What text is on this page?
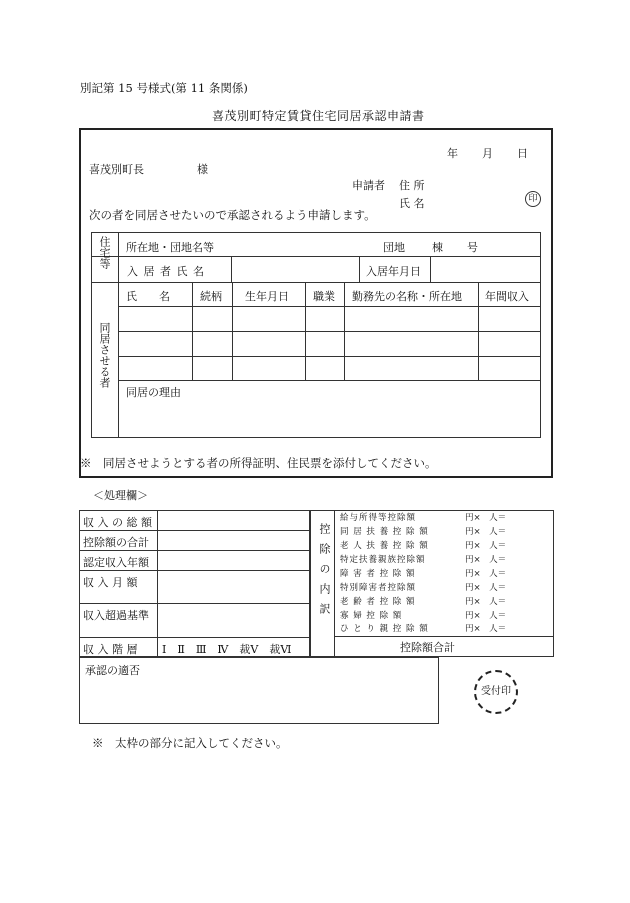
別記第 15 号様式(第 11 条関係)
喜茂別町特定賃貸住宅同居承認申請書
年 月 日
喜茂別町長	様
申請者 住 所
氏 名	印
次の者を同居させたいので承認されるよう申請します。
住宅等 所在地・団地名等	団地 棟 号
入 居 者 氏 名	入居年月日
同居させる者
氏　　名	続柄 生年月日 職業 勤務先の名称・所在地 年間収入
同居の理由
※　同居させようとする者の所得証明、住民票を添付してください。
＜処理欄＞
収 入 の 総 額
控除額の合計
認定収入年額
収 入 月 額
収入超過基準
収 入 階 層 Ⅰ　Ⅱ　Ⅲ　Ⅳ　裁Ⅴ　裁Ⅵ
控除の内訳
給与所得等控除額	円×　人＝
同 居 扶 養 控 除 額	円×　人＝
老 人 扶 養 控 除 額	円×　人＝
特定扶養親族控除額	円×　人＝
障 害 者 控 除 額	円×　人＝
特別障害者控除額	円×　人＝
老 齢 者 控 除 額	円×　人＝
寡 婦 控 除 額	円×　人＝
ひ と り 親 控 除 額	円×　人＝
控除額合計
承認の適否
受付印
※　太枠の部分に記入してください。
